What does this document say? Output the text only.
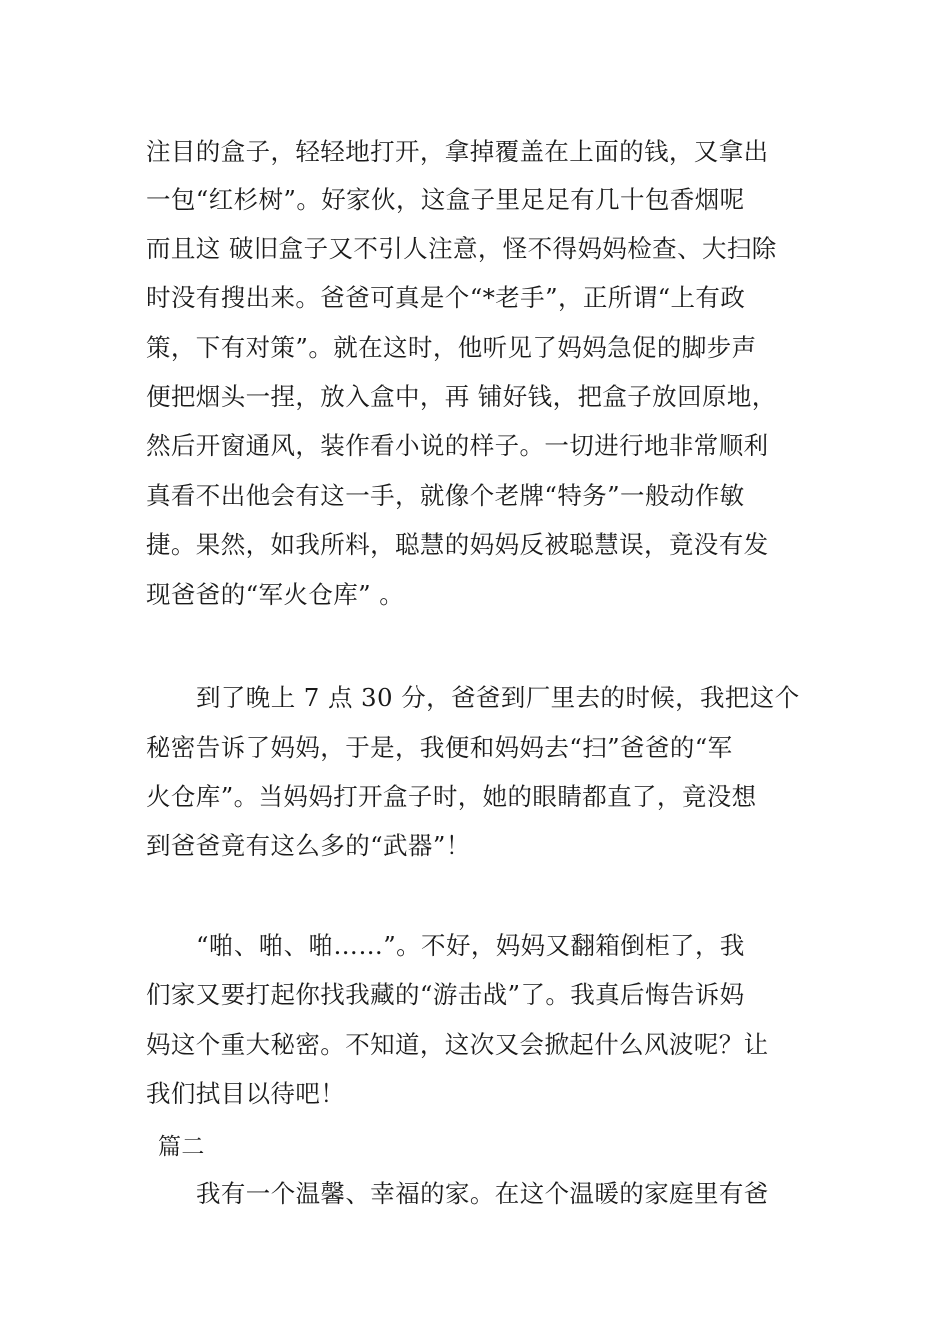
注目的盒子，轻轻地打开，拿掉覆盖在上面的钱，又拿出
一包“红杉树”。好家伙，这盒子里足足有几十包香烟呢
而且这 破旧盒子又不引人注意，怪不得妈妈检查、大扫除
时没有搜出来。爸爸可真是个“*老手”，正所谓“上有政
策，下有对策”。就在这时，他听见了妈妈急促的脚步声
便把烟头一捏，放入盒中，再 铺好钱，把盒子放回原地，
然后开窗通风，装作看小说的样子。一切进行地非常顺利
真看不出他会有这一手，就像个老牌“特务”一般动作敏
捷。果然，如我所料，聪慧的妈妈反被聪慧误，竟没有发
现爸爸的“军火仓库” 。
到了晚上 7 点 30 分，爸爸到厂里去的时候，我把这个
秘密告诉了妈妈，于是，我便和妈妈去“扫”爸爸的“军
火仓库”。当妈妈打开盒子时，她的眼睛都直了，竟没想
到爸爸竟有这么多的“武器”！
“啪、啪、啪……”。不好，妈妈又翻箱倒柜了，我
们家又要打起你找我藏的“游击战”了。我真后悔告诉妈
妈这个重大秘密。不知道，这次又会掀起什么风波呢？让
我们拭目以待吧！
篇二
我有一个温馨、幸福的家。在这个温暖的家庭里有爸
